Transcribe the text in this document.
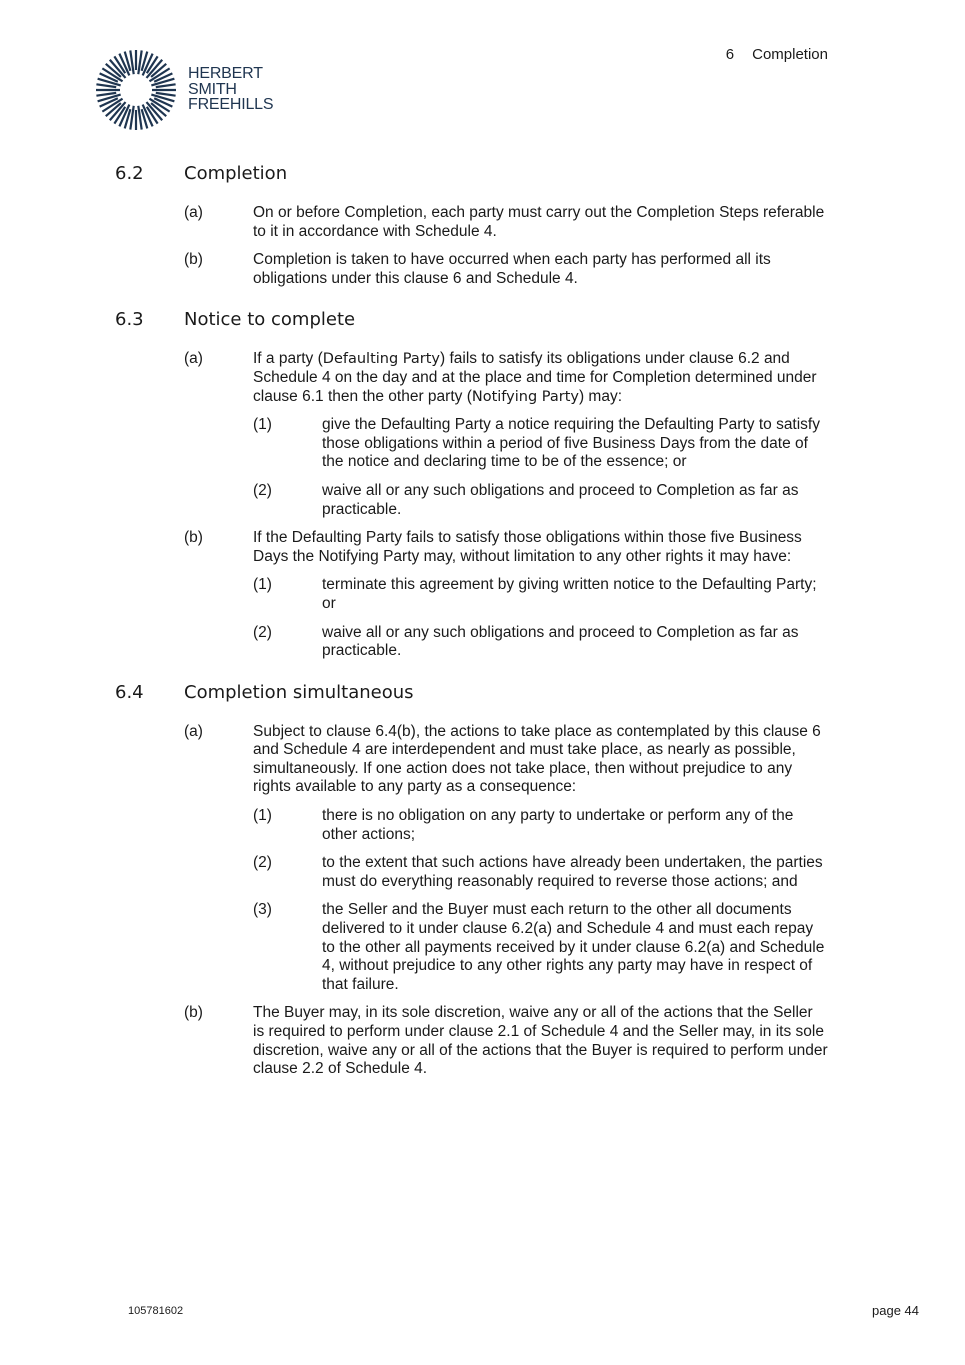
HERBERT
SMITH
FREEHILLS
6 Completion
6.2 Completion
(a)	On or before Completion, each party must carry out the Completion Steps referable to it in accordance with Schedule 4.
(b)	Completion is taken to have occurred when each party has performed all its obligations under this clause 6 and Schedule 4.
6.3 Notice to complete
(a)	If a party (Defaulting Party) fails to satisfy its obligations under clause 6.2 and Schedule 4 on the day and at the place and time for Completion determined under clause 6.1 then the other party (Notifying Party) may:
(1)	give the Defaulting Party a notice requiring the Defaulting Party to satisfy those obligations within a period of five Business Days from the date of the notice and declaring time to be of the essence; or
(2)	waive all or any such obligations and proceed to Completion as far as practicable.
(b)	If the Defaulting Party fails to satisfy those obligations within those five Business Days the Notifying Party may, without limitation to any other rights it may have:
(1)	terminate this agreement by giving written notice to the Defaulting Party; or
(2)	waive all or any such obligations and proceed to Completion as far as practicable.
6.4 Completion simultaneous
(a)	Subject to clause 6.4(b), the actions to take place as contemplated by this clause 6 and Schedule 4 are interdependent and must take place, as nearly as possible, simultaneously. If one action does not take place, then without prejudice to any rights available to any party as a consequence:
(1)	there is no obligation on any party to undertake or perform any of the other actions;
(2)	to the extent that such actions have already been undertaken, the parties must do everything reasonably required to reverse those actions; and
(3)	the Seller and the Buyer must each return to the other all documents delivered to it under clause 6.2(a) and Schedule 4 and must each repay to the other all payments received by it under clause 6.2(a) and Schedule 4, without prejudice to any other rights any party may have in respect of that failure.
(b)	The Buyer may, in its sole discretion, waive any or all of the actions that the Seller is required to perform under clause 2.1 of Schedule 4 and the Seller may, in its sole discretion, waive any or all of the actions that the Buyer is required to perform under clause 2.2 of Schedule 4.
105781602	page 44
